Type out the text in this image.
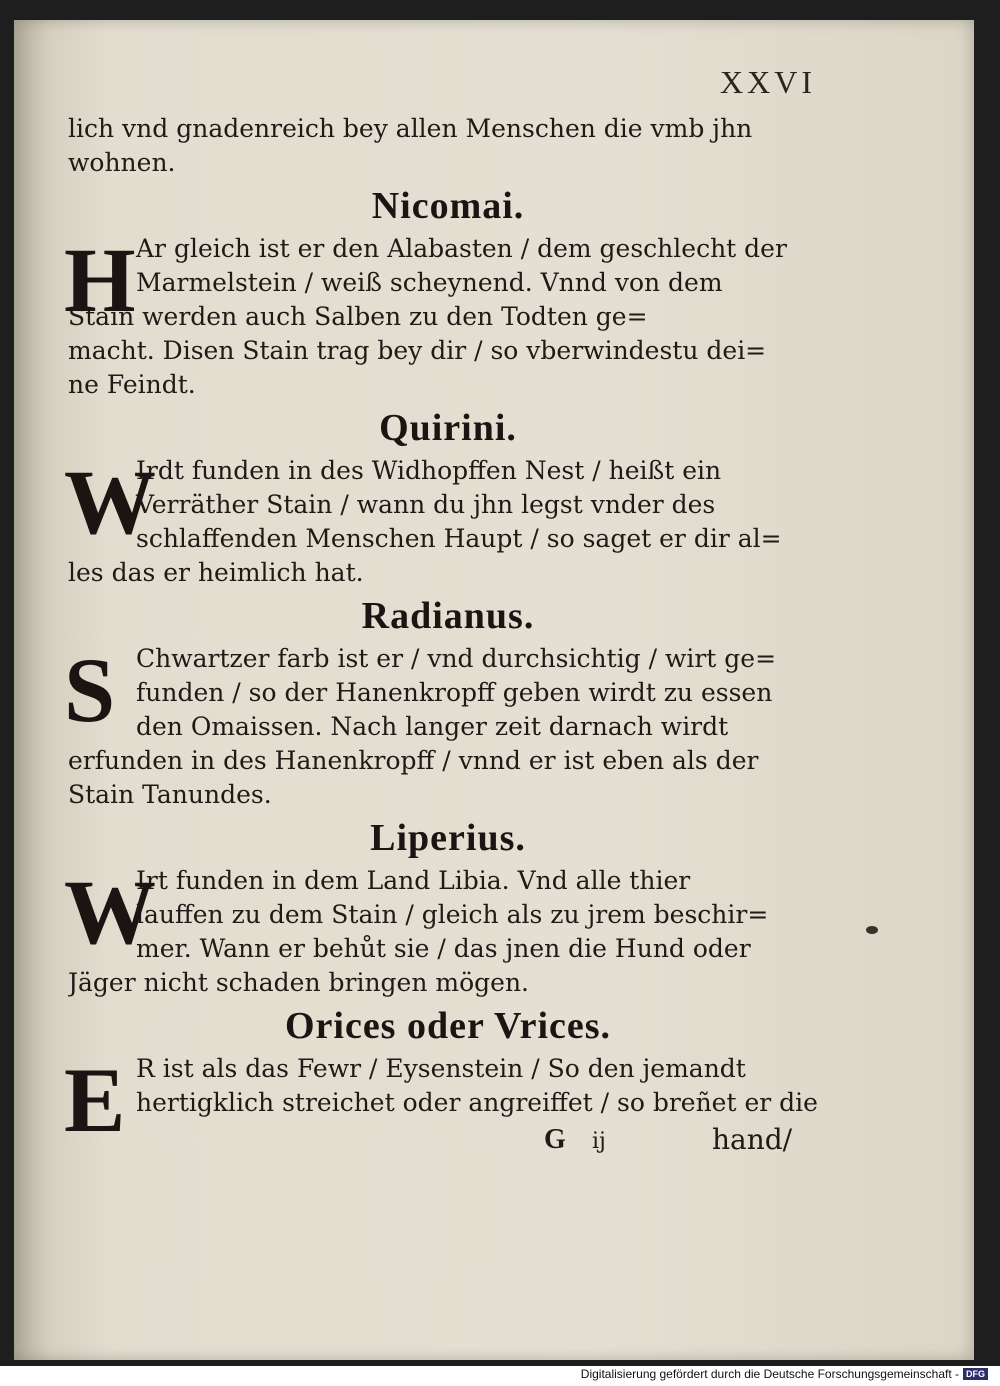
XXVI
lich vnd gnadenreich bey allen Menschen die vmb jhn
wohnen.
Nicomai.
H Ar gleich ist er den Alabasten / dem geschlecht der
Marmelstein / weiß scheynend. Vnnd von dem
Stain werden auch Salben zu den Todten ge=
macht. Disen Stain trag bey dir / so vberwindestu dei=
ne Feindt.
Quirini.
W
Irdt funden in des Widhopffen Nest / heißt ein
Verräther Stain / wann du jhn legst vnder des
schlaffenden Menschen Haupt / so saget er dir al=
les das er heimlich hat.
Radianus.
S Chwartzer farb ist er / vnd durchsichtig / wirt ge=
funden / so der Hanenkropff geben wirdt zu essen
den Omaissen. Nach langer zeit darnach wirdt
erfunden in des Hanenkropff / vnnd er ist eben als der
Stain Tanundes.
Liperius.
W
Irt funden in dem Land Libia. Vnd alle thier
lauffen zu dem Stain / gleich als zu jrem beschir=
mer. Wann er behůt sie / das jnen die Hund oder
Jäger nicht schaden bringen mögen.
Orices oder Vrices.
E R ist als das Fewr / Eysenstein / So den jemandt
hertigklich streichet oder angreiffet / so breñet er die
G ij	hand/
Digitalisierung gefördert durch die Deutsche Forschungsgemeinschaft - DFG
